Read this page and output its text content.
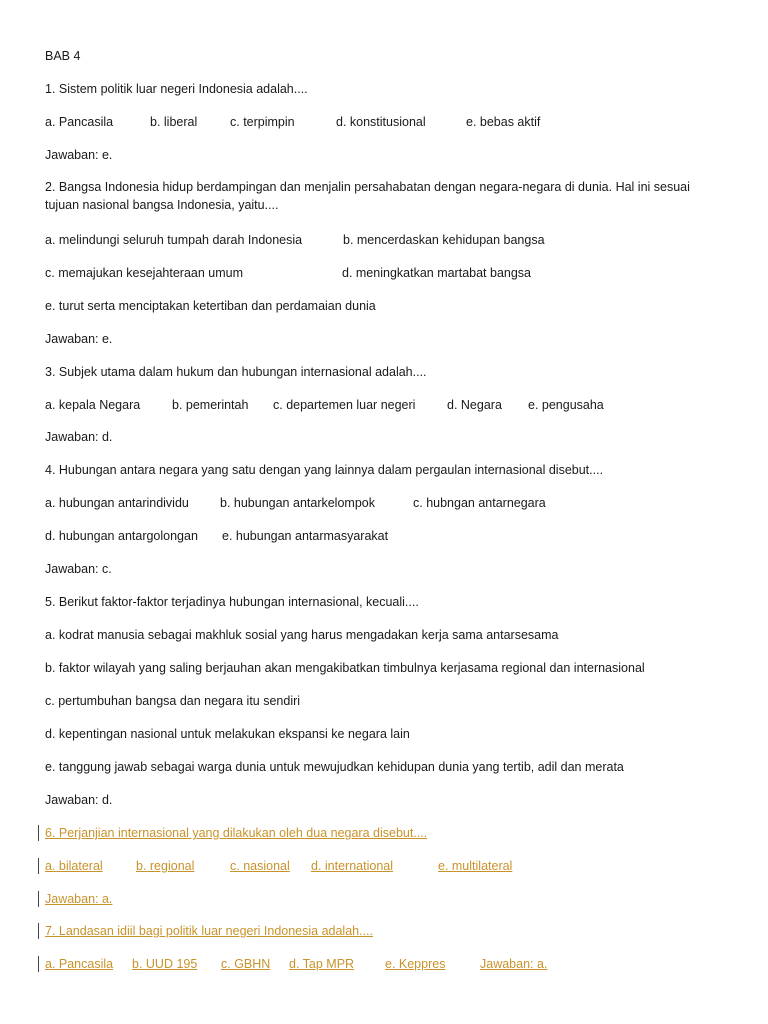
BAB 4
1. Sistem politik luar negeri Indonesia adalah....
a. Pancasila	b. liberal	c. terpimpin	d. konstitusional	e. bebas aktif
Jawaban: e.
2. Bangsa Indonesia hidup berdampingan dan menjalin persahabatan dengan negara-negara di dunia. Hal ini sesuai tujuan nasional bangsa Indonesia, yaitu....
a. melindungi seluruh tumpah darah Indonesia	b. mencerdaskan kehidupan bangsa
c. memajukan kesejahteraan umum	d. meningkatkan martabat bangsa
e. turut serta menciptakan ketertiban dan perdamaian dunia
Jawaban: e.
3. Subjek utama dalam hukum dan hubungan internasional adalah....
a. kepala Negara	b. pemerintah c. departemen luar negeri	d. Negara e. pengusaha
Jawaban: d.
4. Hubungan antara negara yang satu dengan yang lainnya dalam pergaulan internasional disebut....
a. hubungan antarindividu b. hubungan antarkelompok	c. hubngan antarnegara
d. hubungan antargolongan e. hubungan antarmasyarakat
Jawaban: c.
5. Berikut faktor-faktor terjadinya hubungan internasional, kecuali....
a. kodrat manusia sebagai makhluk sosial yang harus mengadakan kerja sama antarsesama
b. faktor wilayah yang saling berjauhan akan mengakibatkan timbulnya kerjasama regional dan internasional
c. pertumbuhan bangsa dan negara itu sendiri
d. kepentingan nasional untuk melakukan ekspansi ke negara lain
e. tanggung jawab sebagai warga dunia untuk mewujudkan kehidupan dunia yang tertib, adil dan merata
Jawaban: d.
6. Perjanjian internasional yang dilakukan oleh dua negara disebut....
a. bilateral	b. regional	c. nasional d. international	e. multilateral
Jawaban: a.
7. Landasan idiil bagi politik luar negeri Indonesia adalah....
a. Pancasila b. UUD 195 c. GBHN d. Tap MPR e. Keppres	Jawaban: a.
